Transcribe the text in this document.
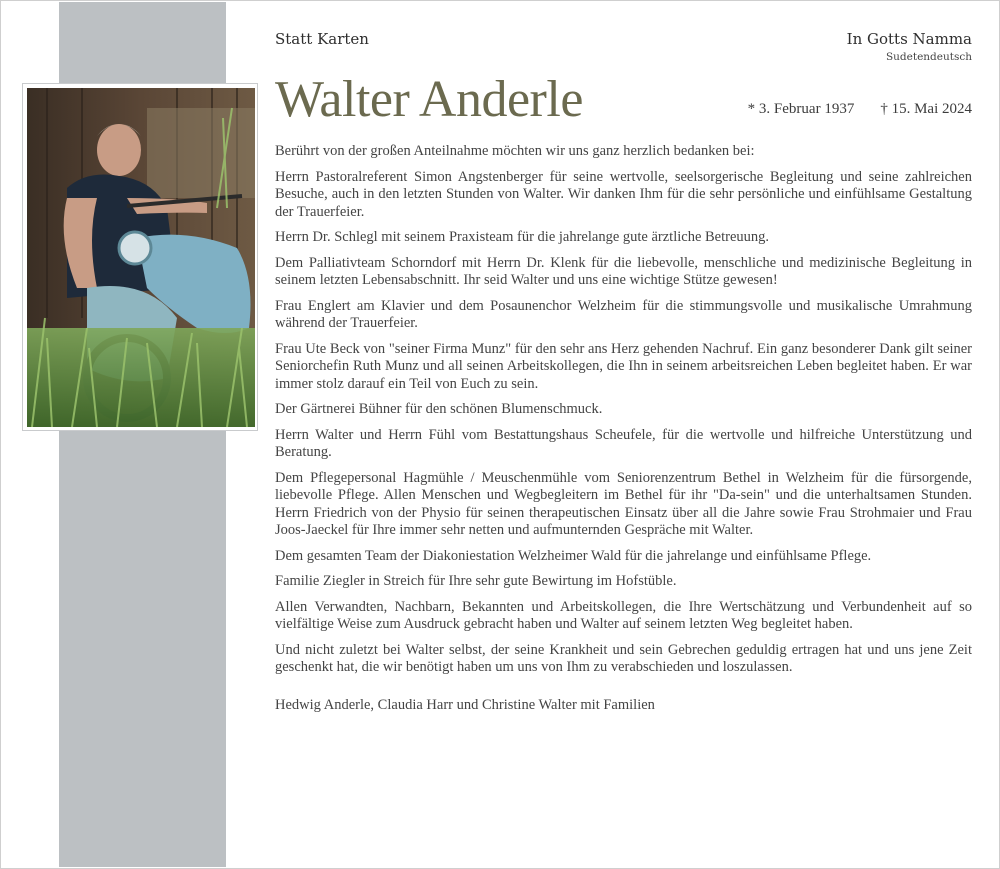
Statt Karten	In Gotts Namma
Sudetendeutsch
Walter Anderle	* 3. Februar 1937 † 15. Mai 2024

Berührt von der großen Anteilnahme möchten wir uns ganz herzlich bedanken bei:

Herrn Pastoralreferent Simon Angstenberger für seine wertvolle, seelsorgerische Begleitung und seine zahlreichen Besuche, auch in den letzten Stunden von Walter. Wir danken Ihm für die sehr persönliche und einfühlsame Gestaltung der Trauerfeier.

Herrn Dr. Schlegl mit seinem Praxisteam für die jahrelange gute ärztliche Betreuung.

Dem Palliativteam Schorndorf mit Herrn Dr. Klenk für die liebevolle, menschliche und medizinische Begleitung in seinem letzten Lebensabschnitt. Ihr seid Walter und uns eine wichtige Stütze gewesen!

Frau Englert am Klavier und dem Posaunenchor Welzheim für die stimmungsvolle und musikalische Umrahmung während der Trauerfeier.

Frau Ute Beck von "seiner Firma Munz" für den sehr ans Herz gehenden Nachruf. Ein ganz besonderer Dank gilt seiner Seniorchefin Ruth Munz und all seinen Arbeitskollegen, die Ihn in seinem arbeitsreichen Leben begleitet haben. Er war immer stolz darauf ein Teil von Euch zu sein.

Der Gärtnerei Bühner für den schönen Blumenschmuck.

Herrn Walter und Herrn Fühl vom Bestattungshaus Scheufele, für die wertvolle und hilfreiche Unterstützung und Beratung.

Dem Pflegepersonal Hagmühle / Meuschenmühle vom Seniorenzentrum Bethel in Welzheim für die fürsorgende, liebevolle Pflege. Allen Menschen und Wegbegleitern im Bethel für ihr "Da-sein" und die unterhaltsamen Stunden. Herrn Friedrich von der Physio für seinen therapeutischen Einsatz über all die Jahre sowie Frau Strohmaier und Frau Joos-Jaeckel für Ihre immer sehr netten und aufmunternden Gespräche mit Walter.

Dem gesamten Team der Diakoniestation Welzheimer Wald für die jahrelange und einfühlsame Pflege.

Familie Ziegler in Streich für Ihre sehr gute Bewirtung im Hofstüble.

Allen Verwandten, Nachbarn, Bekannten und Arbeitskollegen, die Ihre Wertschätzung und Verbundenheit auf so vielfältige Weise zum Ausdruck gebracht haben und Walter auf seinem letzten Weg begleitet haben.

Und nicht zuletzt bei Walter selbst, der seine Krankheit und sein Gebrechen geduldig ertragen hat und uns jene Zeit geschenkt hat, die wir benötigt haben um uns von Ihm zu verabschieden und loszulassen.

Hedwig Anderle, Claudia Harr und Christine Walter mit Familien
